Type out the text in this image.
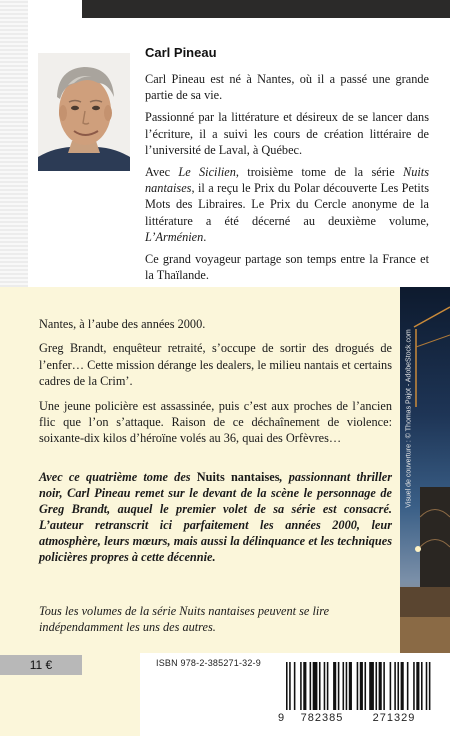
Carl Pineau

Carl Pineau est né à Nantes, où il a passé une grande partie de sa vie.

Passionné par la littérature et désireux de se lancer dans l’écriture, il a suivi les cours de création littéraire de l’université de Laval, à Québec.

Avec Le Sicilien, troisième tome de la série Nuits nantaises, il a reçu le Prix du Polar découverte Les Petits Mots des Libraires. Le Prix du Cercle anonyme de la littérature a été décerné au deuxième volume, L’Arménien.

Ce grand voyageur partage son temps entre la France et la Thaïlande.

Visuel de couverture : © Thomas Pajot - AdobeStock.com

Nantes, à l’aube des années 2000.

Greg Brandt, enquêteur retraité, s’occupe de sortir des drogués de l’enfer… Cette mission dérange les dealers, le milieu nantais et certains cadres de la Crim’.

Une jeune policière est assassinée, puis c’est aux proches de l’ancien flic que l’on s’attaque. Raison de ce déchaînement de violence: soixante-dix kilos d’héroïne volés au 36, quai des Orfèvres…

Avec ce quatrième tome des Nuits nantaises, passionnant thriller noir, Carl Pineau remet sur le devant de la scène le personnage de Greg Brandt, auquel le premier volet de sa série est consacré. L’auteur retranscrit ici parfaitement les années 2000, leur atmosphère, leurs mœurs, mais aussi la délinquance et les techniques policières propres à cette décennie.
Tous les volumes de la série Nuits nantaises peuvent se lire indépendamment les uns des autres.
11 €	ISBN 978-2-385271-32-9
9	782385	271329
